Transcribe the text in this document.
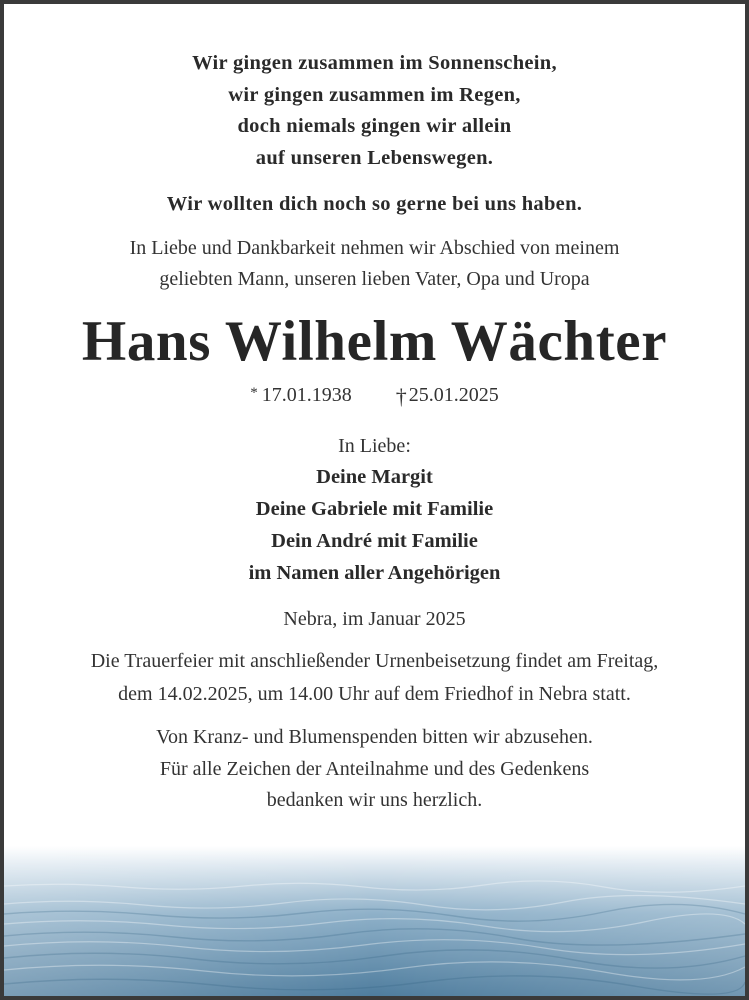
Wir gingen zusammen im Sonnenschein,
wir gingen zusammen im Regen,
doch niemals gingen wir allein
auf unseren Lebenswegen.
Wir wollten dich noch so gerne bei uns haben.
In Liebe und Dankbarkeit nehmen wir Abschied von meinem
geliebten Mann, unseren lieben Vater, Opa und Uropa
Hans Wilhelm Wächter
* 17.01.1938 † 25.01.2025
In Liebe:
Deine Margit
Deine Gabriele mit Familie
Dein André mit Familie
im Namen aller Angehörigen
Nebra, im Januar 2025
Die Trauerfeier mit anschließender Urnenbeisetzung findet am Freitag,
dem 14.02.2025, um 14.00 Uhr auf dem Friedhof in Nebra statt.
Von Kranz- und Blumenspenden bitten wir abzusehen.
Für alle Zeichen der Anteilnahme und des Gedenkens
bedanken wir uns herzlich.
